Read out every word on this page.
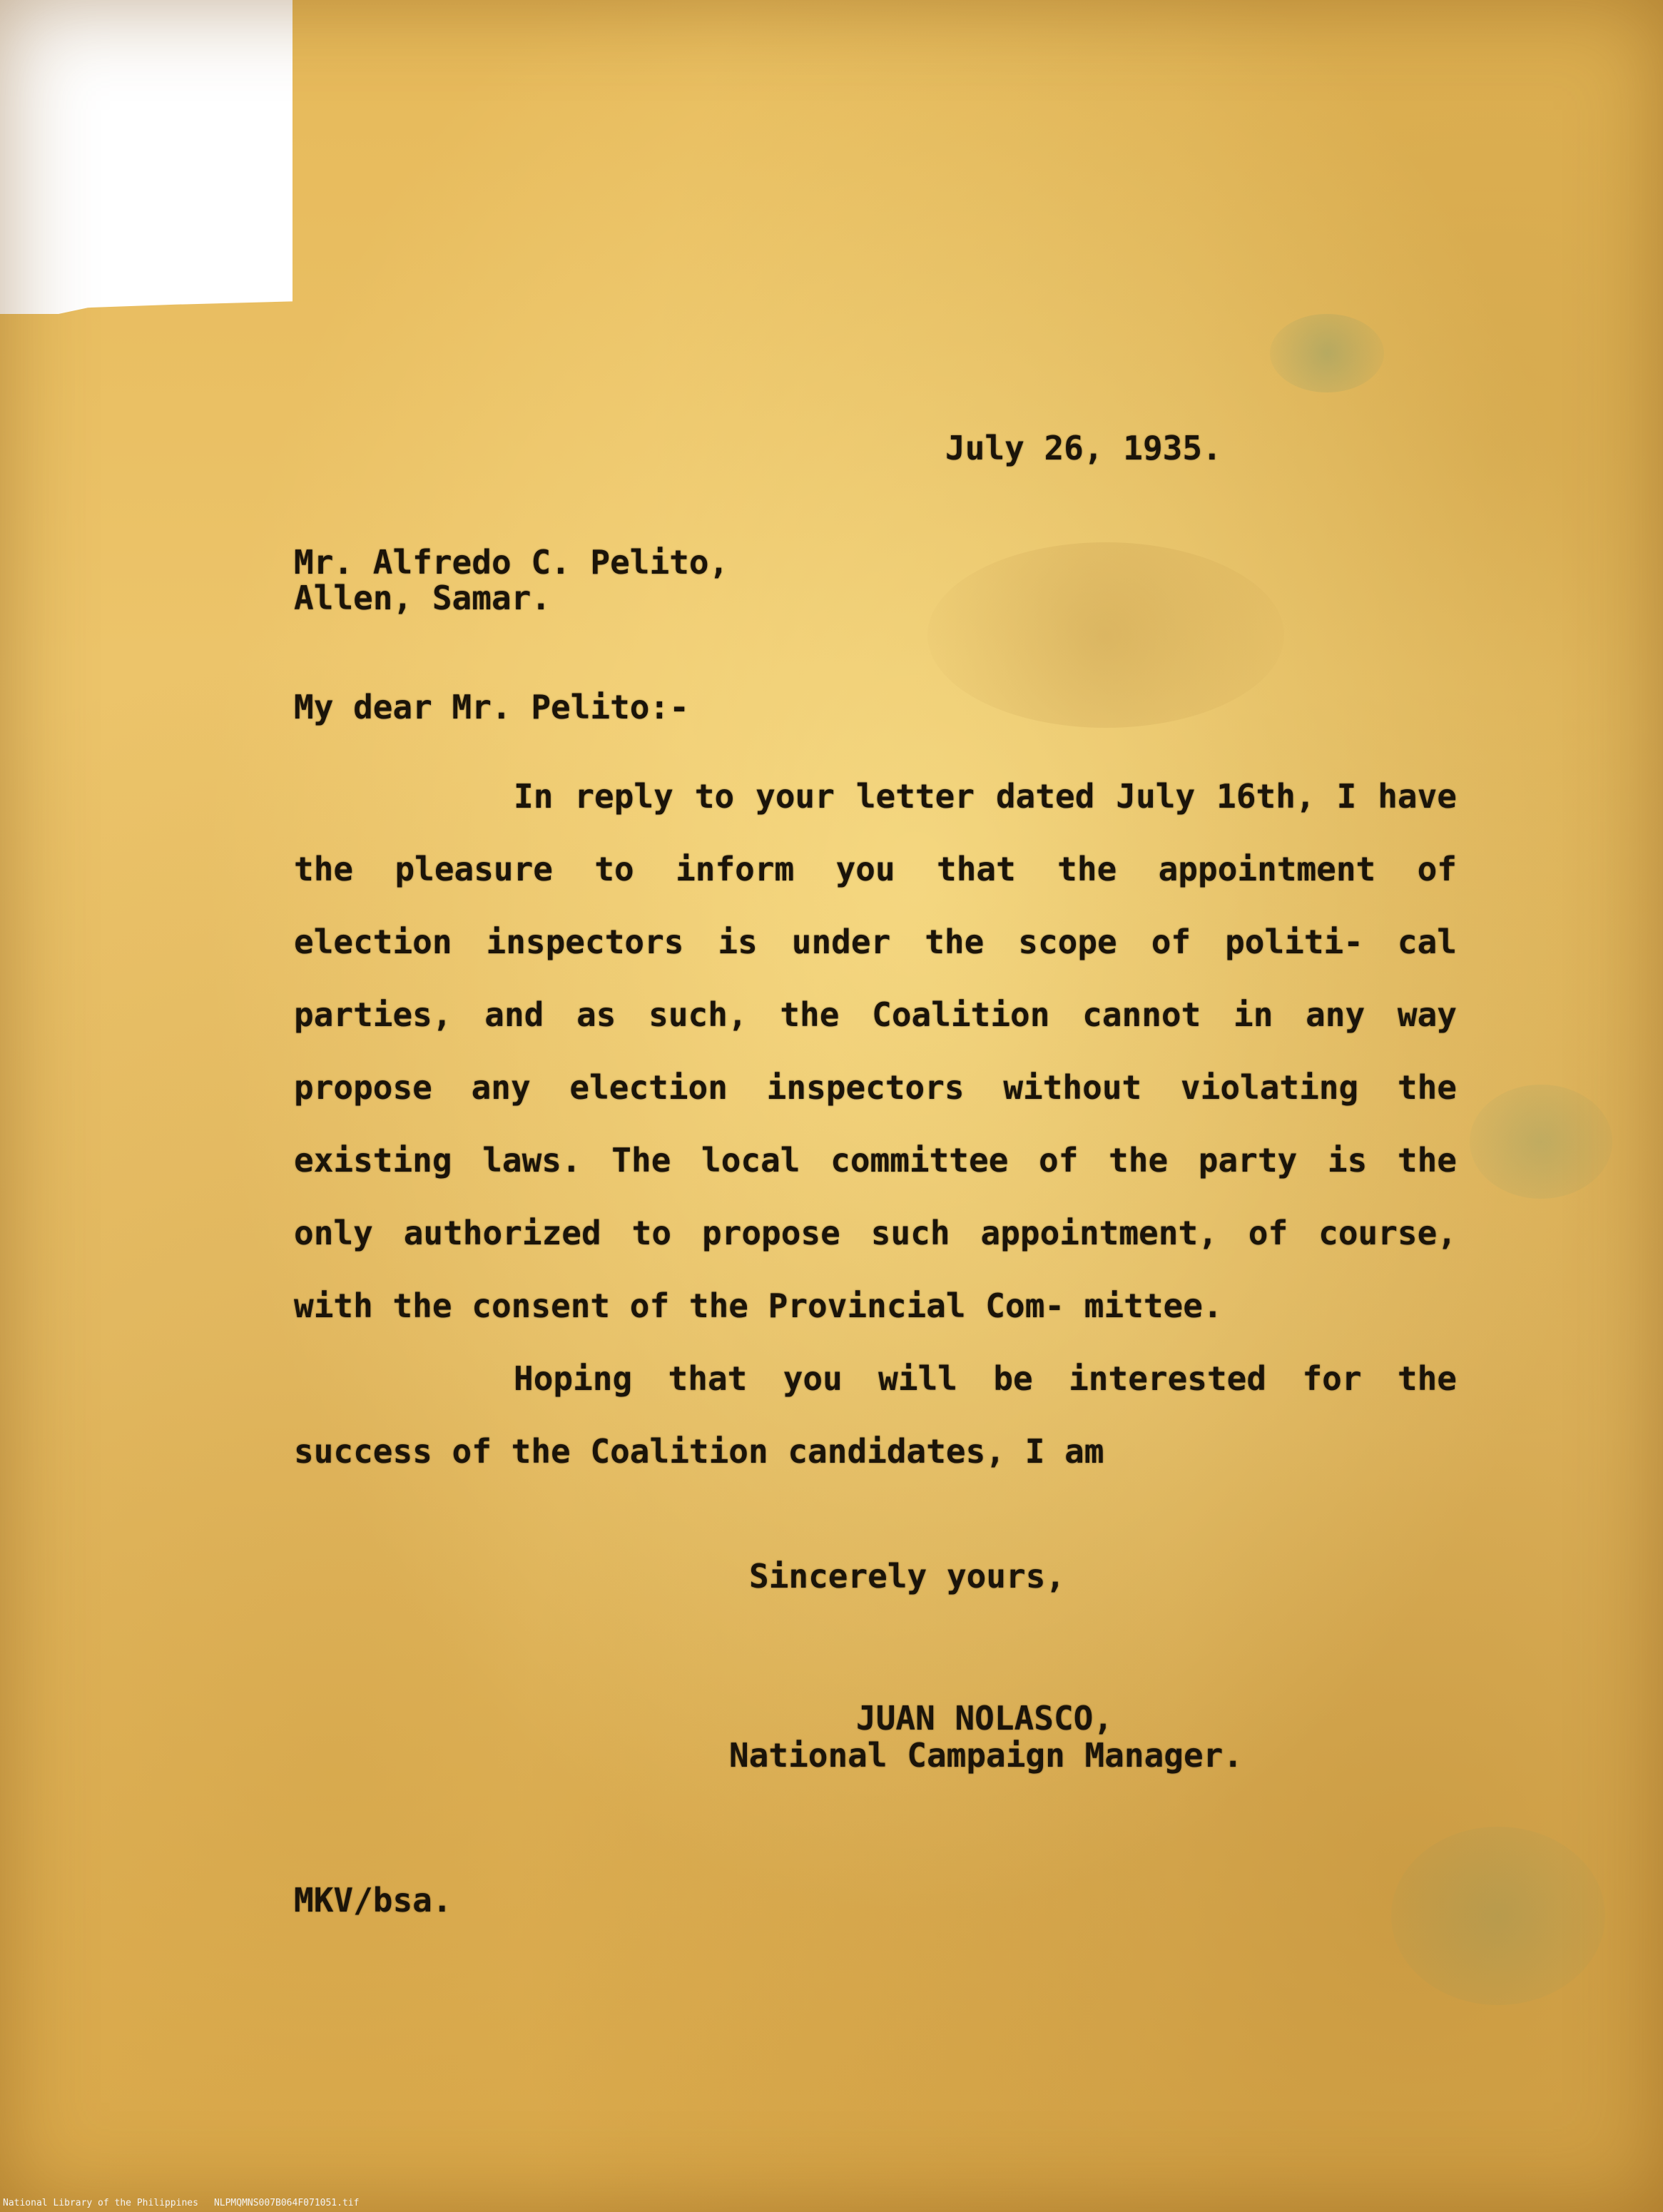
July 26, 1935.
Mr. Alfredo C. Pelito,
Allen, Samar.
My dear Mr. Pelito:-

In reply to your letter dated July 16th, I have the pleasure to inform you that the appointment of election inspectors is under the scope of politi- cal parties, and as such, the Coalition cannot in any way propose any election inspectors without violating the existing laws. The local committee of the party is the only authorized to propose such appointment, of course, with the consent of the Provincial Com- mittee.

Hoping that you will be interested for the success of the Coalition candidates, I am

Sincerely yours,
JUAN NOLASCO,
National Campaign Manager.
MKV/bsa.
National Library of the Philippines NLPMQMNS007B064F071051.tif
